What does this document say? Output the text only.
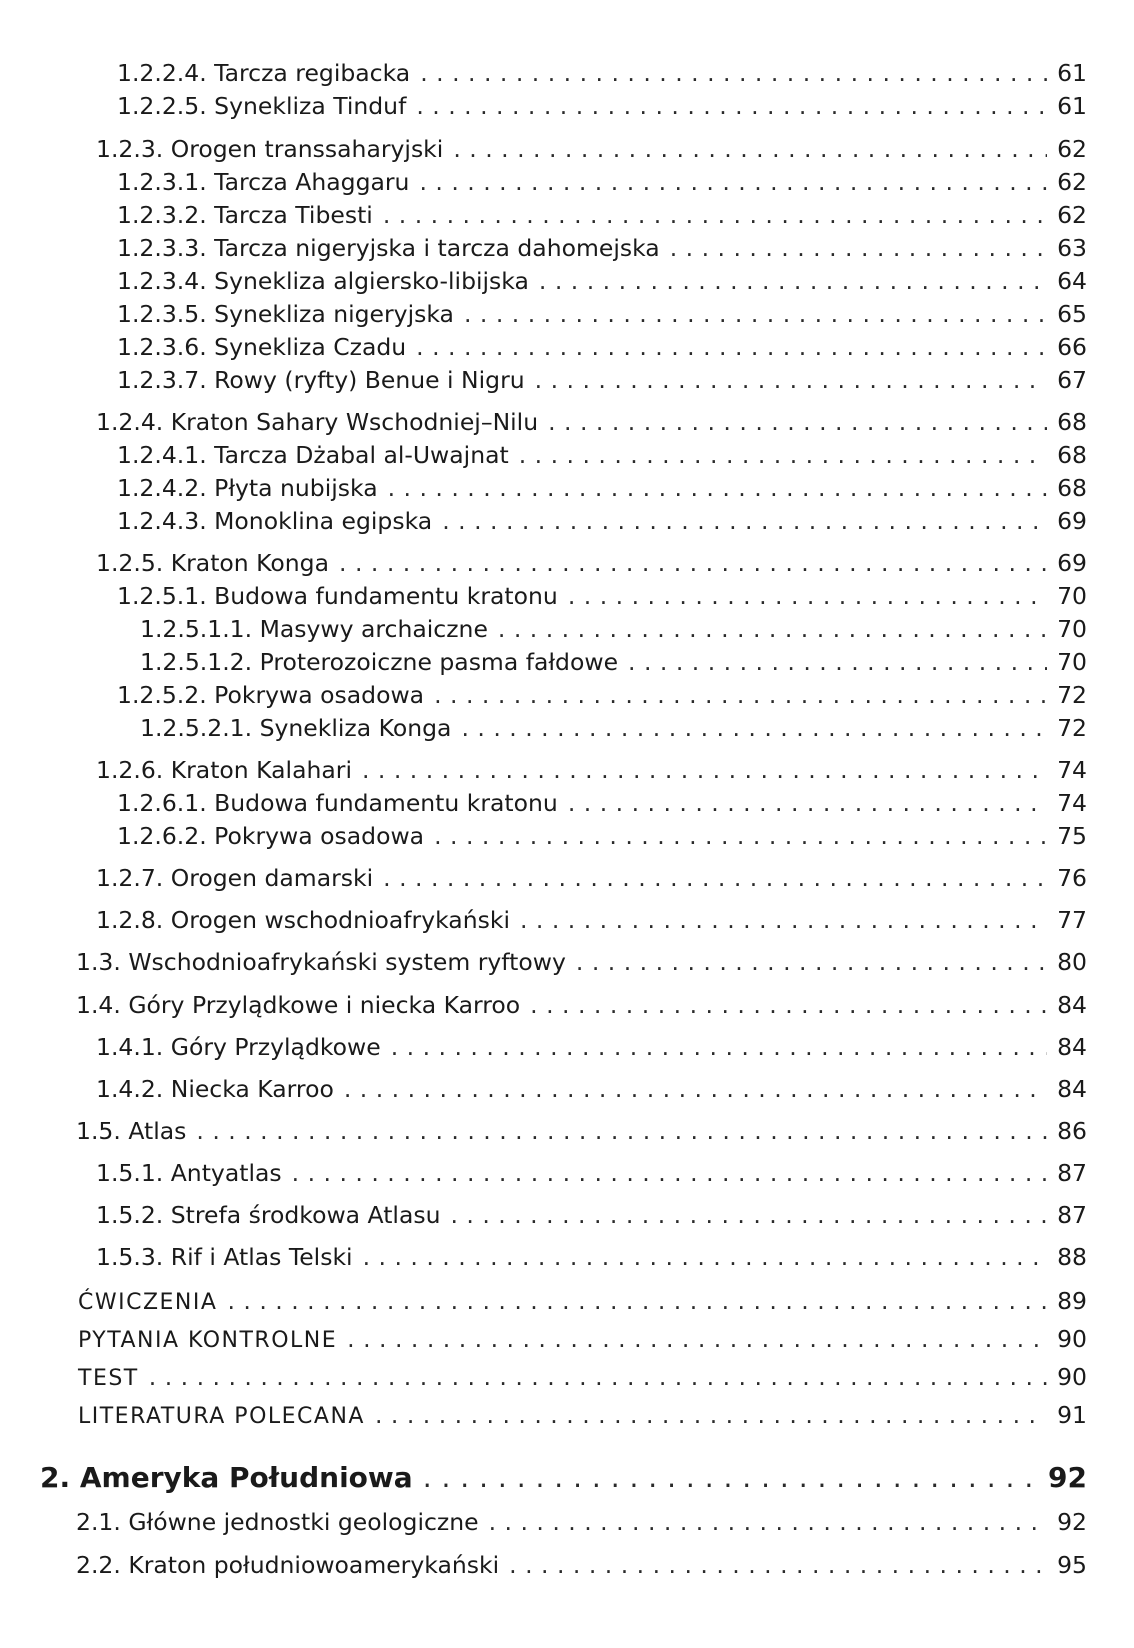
1.2.2.4. Tarcza regibacka . . .	61
1.2.2.5. Synekliza Tinduf . . .	61
1.2.3. Orogen transsaharyjski . . .	62
1.2.3.1. Tarcza Ahaggaru . . .	62
1.2.3.2. Tarcza Tibesti . . .	62
1.2.3.3. Tarcza nigeryjska i tarcza dahomejska . . .	63
1.2.3.4. Synekliza algiersko-libijska . . .	64
1.2.3.5. Synekliza nigeryjska . . .	65
1.2.3.6. Synekliza Czadu . . .	66
1.2.3.7. Rowy (ryfty) Benue i Nigru . . .	67
1.2.4. Kraton Sahary Wschodniej–Nilu . . .	68
1.2.4.1. Tarcza Dżabal al-Uwajnat . . .	68
1.2.4.2. Płyta nubijska . . .	68
1.2.4.3. Monoklina egipska . . .	69
1.2.5. Kraton Konga . . .	69
1.2.5.1. Budowa fundamentu kratonu . . .	70
1.2.5.1.1. Masywy archaiczne . . .	70
1.2.5.1.2. Proterozoiczne pasma fałdowe . . .	70
1.2.5.2. Pokrywa osadowa . . .	72
1.2.5.2.1. Synekliza Konga . . .	72
1.2.6. Kraton Kalahari . . .	74
1.2.6.1. Budowa fundamentu kratonu . . .	74
1.2.6.2. Pokrywa osadowa . . .	75
1.2.7. Orogen damarski . . .	76
1.2.8. Orogen wschodnioafrykański . . .	77
1.3. Wschodnioafrykański system ryftowy . . .	80
1.4. Góry Przylądkowe i niecka Karroo . . .	84
1.4.1. Góry Przylądkowe . . .	84
1.4.2. Niecka Karroo . . .	84
1.5. Atlas . . .	86
1.5.1. Antyatlas . . .	87
1.5.2. Strefa środkowa Atlasu . . .	87
1.5.3. Rif i Atlas Telski . . .	88
ĆWICZENIA . . .	89
PYTANIA KONTROLNE . . .	90
TEST . . .	90
LITERATURA POLECANA . . .	91
2. Ameryka Południowa . . .	92
2.1. Główne jednostki geologiczne . . .	92
2.2. Kraton południowoamerykański . . .	95
